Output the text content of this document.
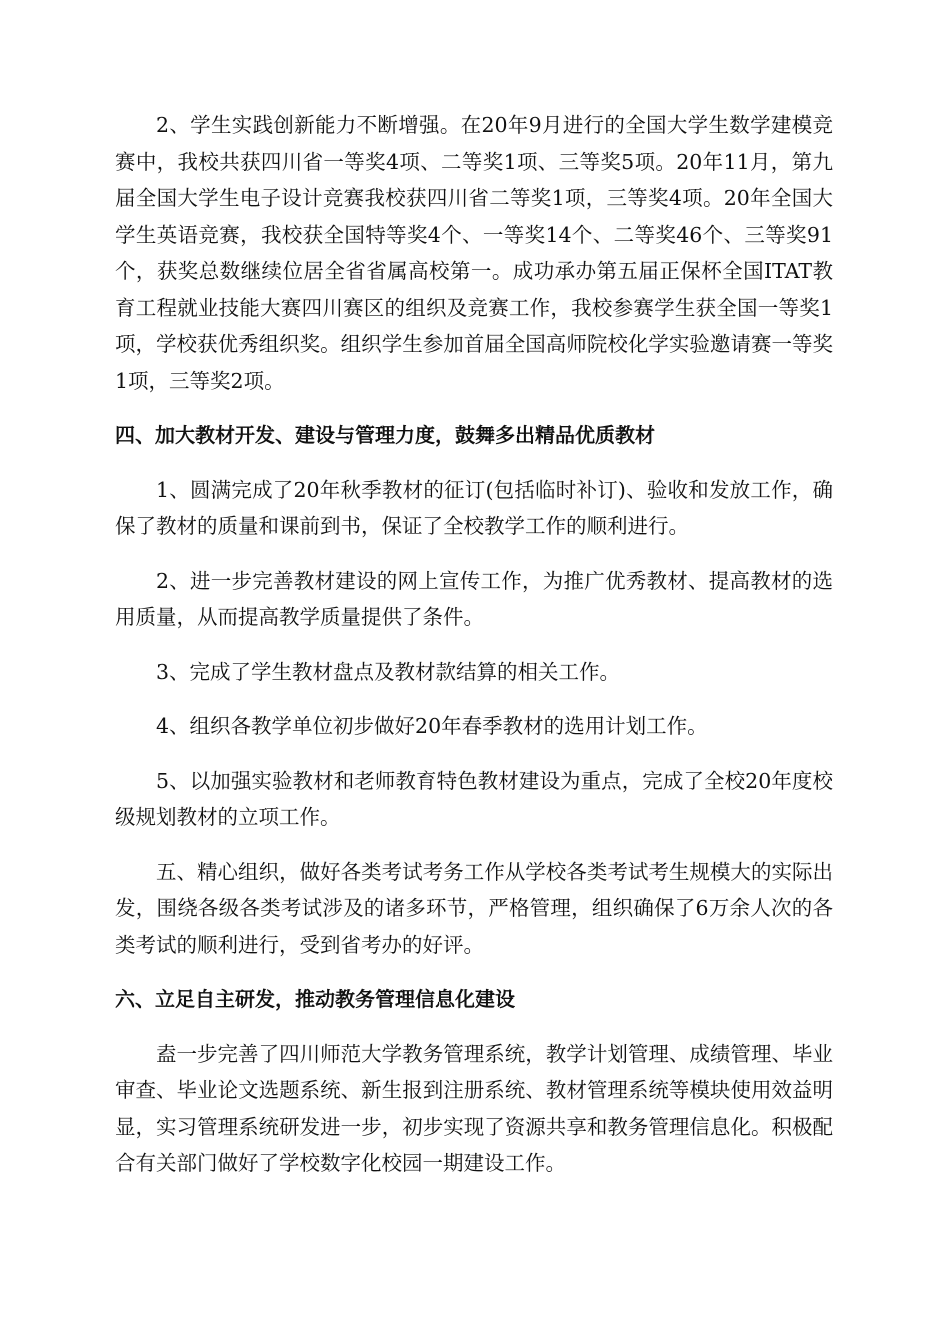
2、学生实践创新能力不断增强。在20年9月进行的全国大学生数学建模竞赛中，我校共获四川省一等奖4项、二等奖1项、三等奖5项。20年11月，第九届全国大学生电子设计竞赛我校获四川省二等奖1项，三等奖4项。20年全国大学生英语竞赛，我校获全国特等奖4个、一等奖14个、二等奖46个、三等奖91个，获奖总数继续位居全省省属高校第一。成功承办第五届正保杯全国ITAT教育工程就业技能大赛四川赛区的组织及竞赛工作，我校参赛学生获全国一等奖1项，学校获优秀组织奖。组织学生参加首届全国高师院校化学实验邀请赛一等奖1项，三等奖2项。

四、加大教材开发、建设与管理力度，鼓舞多出精品优质教材

1、圆满完成了20年秋季教材的征订(包括临时补订)、验收和发放工作，确保了教材的质量和课前到书，保证了全校教学工作的顺利进行。

2、进一步完善教材建设的网上宣传工作，为推广优秀教材、提高教材的选用质量，从而提高教学质量提供了条件。

3、完成了学生教材盘点及教材款结算的相关工作。

4、组织各教学单位初步做好20年春季教材的选用计划工作。

5、以加强实验教材和老师教育特色教材建设为重点，完成了全校20年度校级规划教材的立项工作。

五、精心组织，做好各类考试考务工作从学校各类考试考生规模大的实际出发，围绕各级各类考试涉及的诸多环节，严格管理，组织确保了6万余人次的各类考试的顺利进行，受到省考办的好评。

六、立足自主研发，推动教务管理信息化建设

盍一步完善了四川师范大学教务管理系统，教学计划管理、成绩管理、毕业审查、毕业论文选题系统、新生报到注册系统、教材管理系统等模块使用效益明显，实习管理系统研发进一步，初步实现了资源共享和教务管理信息化。积极配合有关部门做好了学校数字化校园一期建设工作。
